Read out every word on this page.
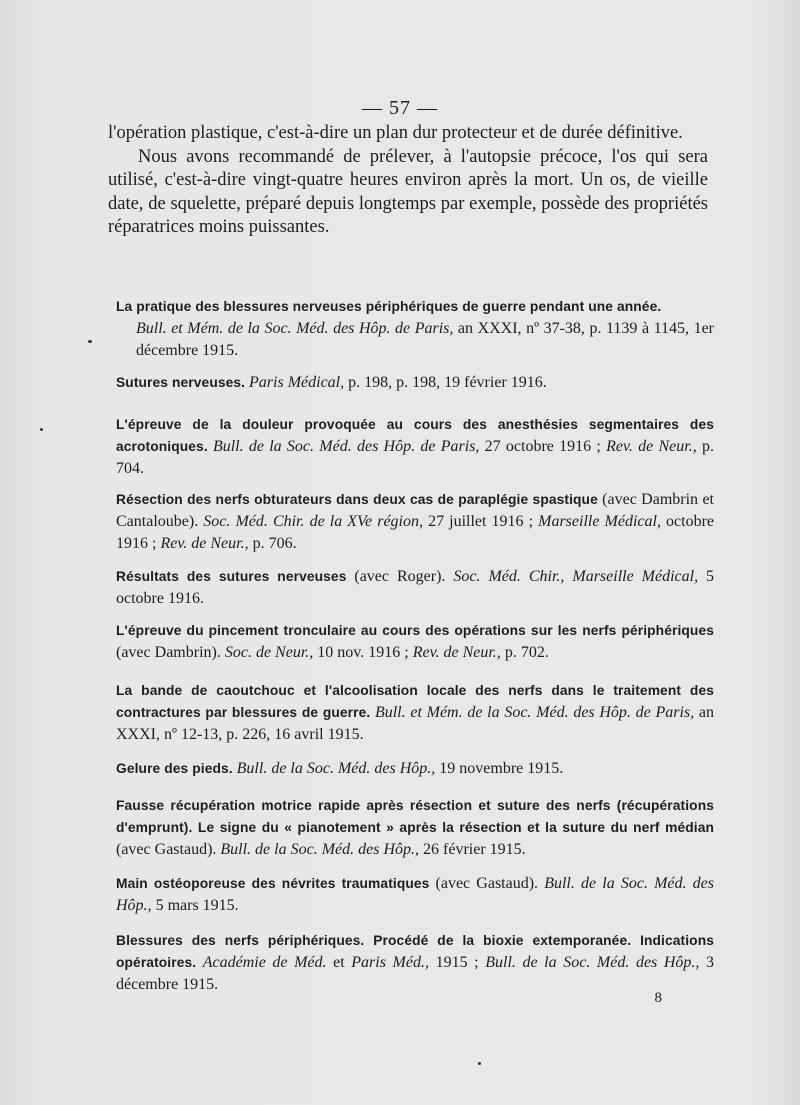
— 57 —

l'opération plastique, c'est-à-dire un plan dur protecteur et de durée définitive.

Nous avons recommandé de prélever, à l'autopsie précoce, l'os qui sera utilisé, c'est-à-dire vingt-quatre heures environ après la mort. Un os, de vieille date, de squelette, préparé depuis longtemps par exemple, possède des propriétés réparatrices moins puissantes.

La pratique des blessures nerveuses périphériques de guerre pendant une année.
Bull. et Mém. de la Soc. Méd. des Hôp. de Paris, an XXXI, nº 37-38, p. 1139 à 1145, 1er décembre 1915.
Sutures nerveuses. Paris Médical, p. 198, p. 198, 19 février 1916.
L'épreuve de la douleur provoquée au cours des anesthésies segmentaires des acrotoniques. Bull. de la Soc. Méd. des Hôp. de Paris, 27 octobre 1916 ; Rev. de Neur., p. 704.
Résection des nerfs obturateurs dans deux cas de paraplégie spastique (avec Dambrin et Cantaloube). Soc. Méd. Chir. de la XVe région, 27 juillet 1916 ; Marseille Médical, octobre 1916 ; Rev. de Neur., p. 706.
Résultats des sutures nerveuses (avec Roger). Soc. Méd. Chir., Marseille Médical, 5 octobre 1916.
L'épreuve du pincement tronculaire au cours des opérations sur les nerfs périphériques (avec Dambrin). Soc. de Neur., 10 nov. 1916 ; Rev. de Neur., p. 702.
La bande de caoutchouc et l'alcoolisation locale des nerfs dans le traitement des contractures par blessures de guerre. Bull. et Mém. de la Soc. Méd. des Hôp. de Paris, an XXXI, nº 12-13, p. 226, 16 avril 1915.
Gelure des pieds. Bull. de la Soc. Méd. des Hôp., 19 novembre 1915.
Fausse récupération motrice rapide après résection et suture des nerfs (récupérations d'emprunt). Le signe du « pianotement » après la résection et la suture du nerf médian (avec Gastaud). Bull. de la Soc. Méd. des Hôp., 26 février 1915.
Main ostéoporeuse des névrites traumatiques (avec Gastaud). Bull. de la Soc. Méd. des Hôp., 5 mars 1915.
Blessures des nerfs périphériques. Procédé de la bioxie extemporanée. Indications opératoires. Académie de Méd. et Paris Méd., 1915 ; Bull. de la Soc. Méd. des Hôp., 3 décembre 1915.
8
